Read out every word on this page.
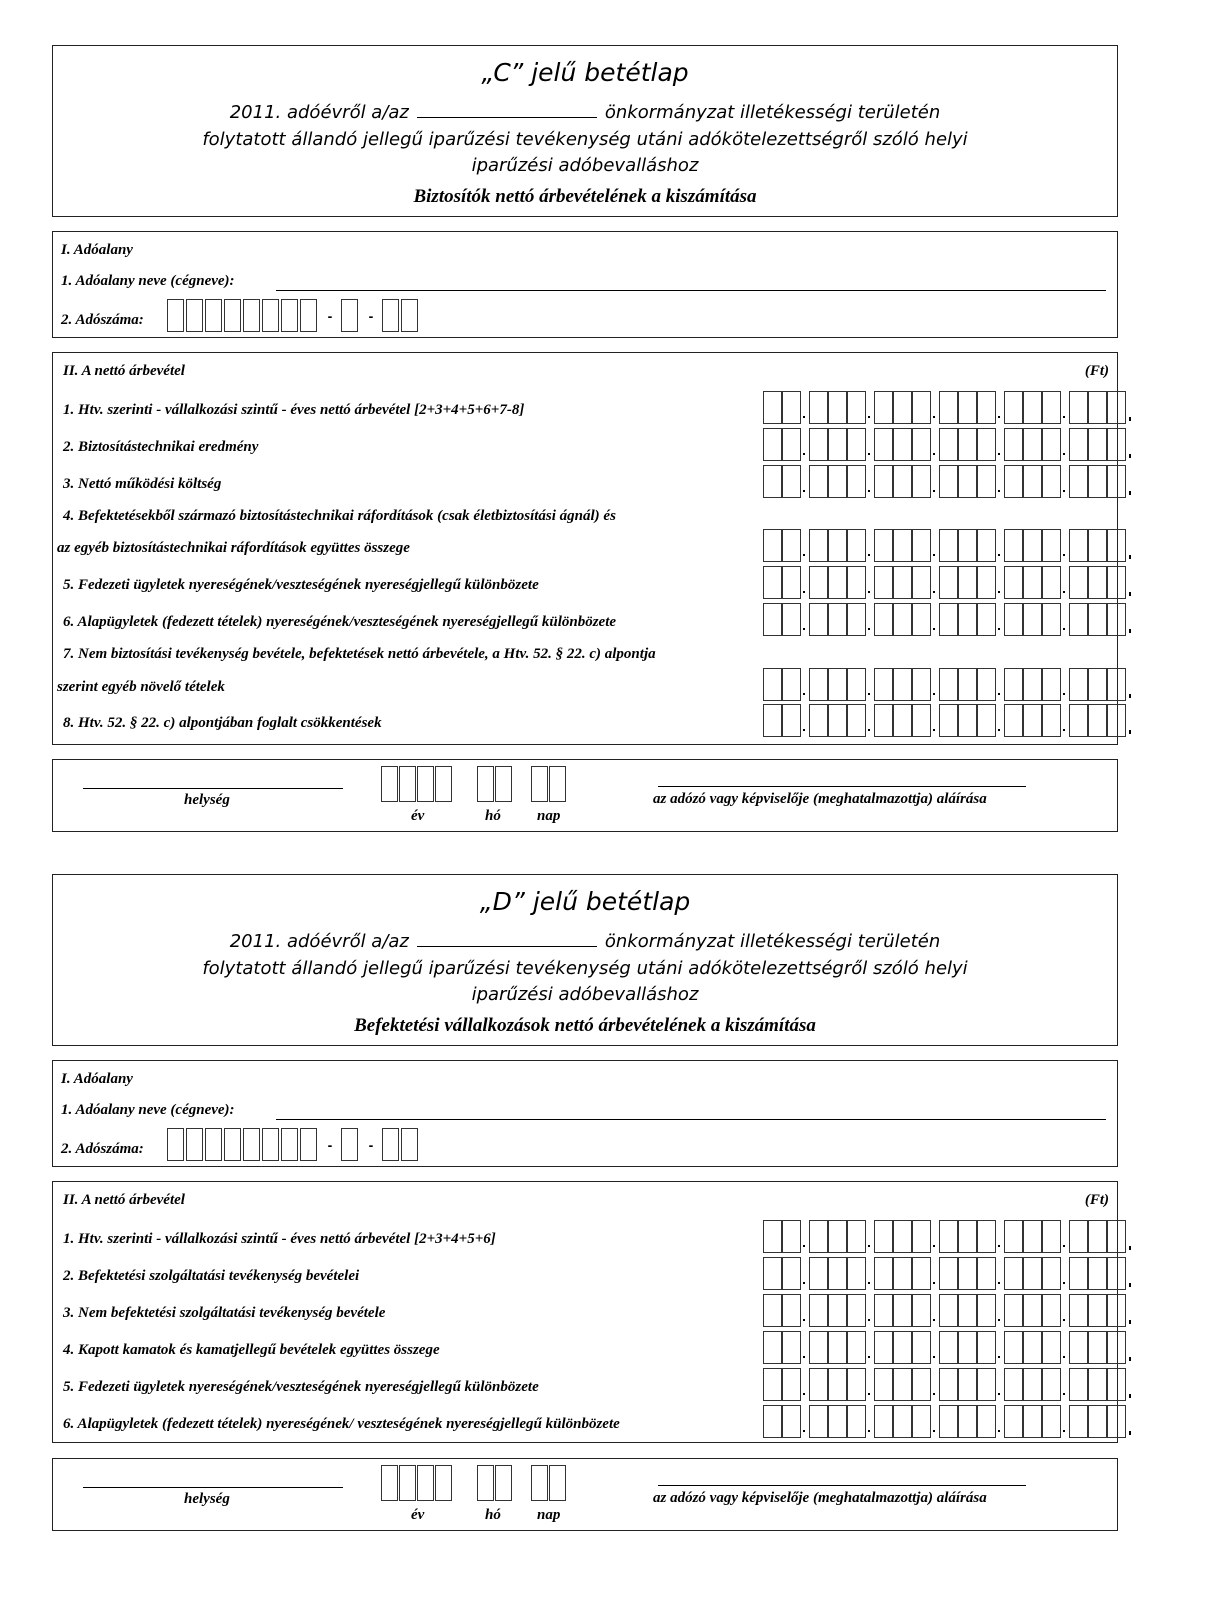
„C” jelű betétlap
2011. adóévről a/az	önkormányzat illetékességi területén
folytatott állandó jellegű iparűzési tevékenység utáni adókötelezettségről szóló helyi
iparűzési adóbevalláshoz
Biztosítók nettó árbevételének a kiszámítása
I. Adóalany
1. Adóalany neve (cégneve):
2. Adószáma:	-	-
II. A nettó árbevétel	(Ft)
1. Htv. szerinti - vállalkozási szintű - éves nettó árbevétel [2+3+4+5+6+7-8]
2. Biztosítástechnikai eredmény
3. Nettó működési költség
4. Befektetésekből származó biztosítástechnikai ráfordítások (csak életbiztosítási ágnál) és
az egyéb biztosítástechnikai ráfordítások együttes összege
5. Fedezeti ügyletek nyereségének/veszteségének nyereségjellegű különbözete
6. Alapügyletek (fedezett tételek) nyereségének/veszteségének nyereségjellegű különbözete
7. Nem biztosítási tevékenység bevétele, befektetések nettó árbevétele, a Htv. 52. § 22. c) alpontja
szerint egyéb növelő tételek
8. Htv. 52. § 22. c) alpontjában foglalt csökkentések
helység
év	hó nap
az adózó vagy képviselője (meghatalmazottja) aláírása
„D” jelű betétlap
2011. adóévről a/az	önkormányzat illetékességi területén
folytatott állandó jellegű iparűzési tevékenység utáni adókötelezettségről szóló helyi
iparűzési adóbevalláshoz
Befektetési vállalkozások nettó árbevételének a kiszámítása
I. Adóalany
1. Adóalany neve (cégneve):
2. Adószáma:	-	-
II. A nettó árbevétel	(Ft)
1. Htv. szerinti - vállalkozási szintű - éves nettó árbevétel [2+3+4+5+6]
2. Befektetési szolgáltatási tevékenység bevételei
3. Nem befektetési szolgáltatási tevékenység bevétele
4. Kapott kamatok és kamatjellegű bevételek együttes összege
5. Fedezeti ügyletek nyereségének/veszteségének nyereségjellegű különbözete
6. Alapügyletek (fedezett tételek) nyereségének/ veszteségének nyereségjellegű különbözete
helység
év	hó nap
az adózó vagy képviselője (meghatalmazottja) aláírása
